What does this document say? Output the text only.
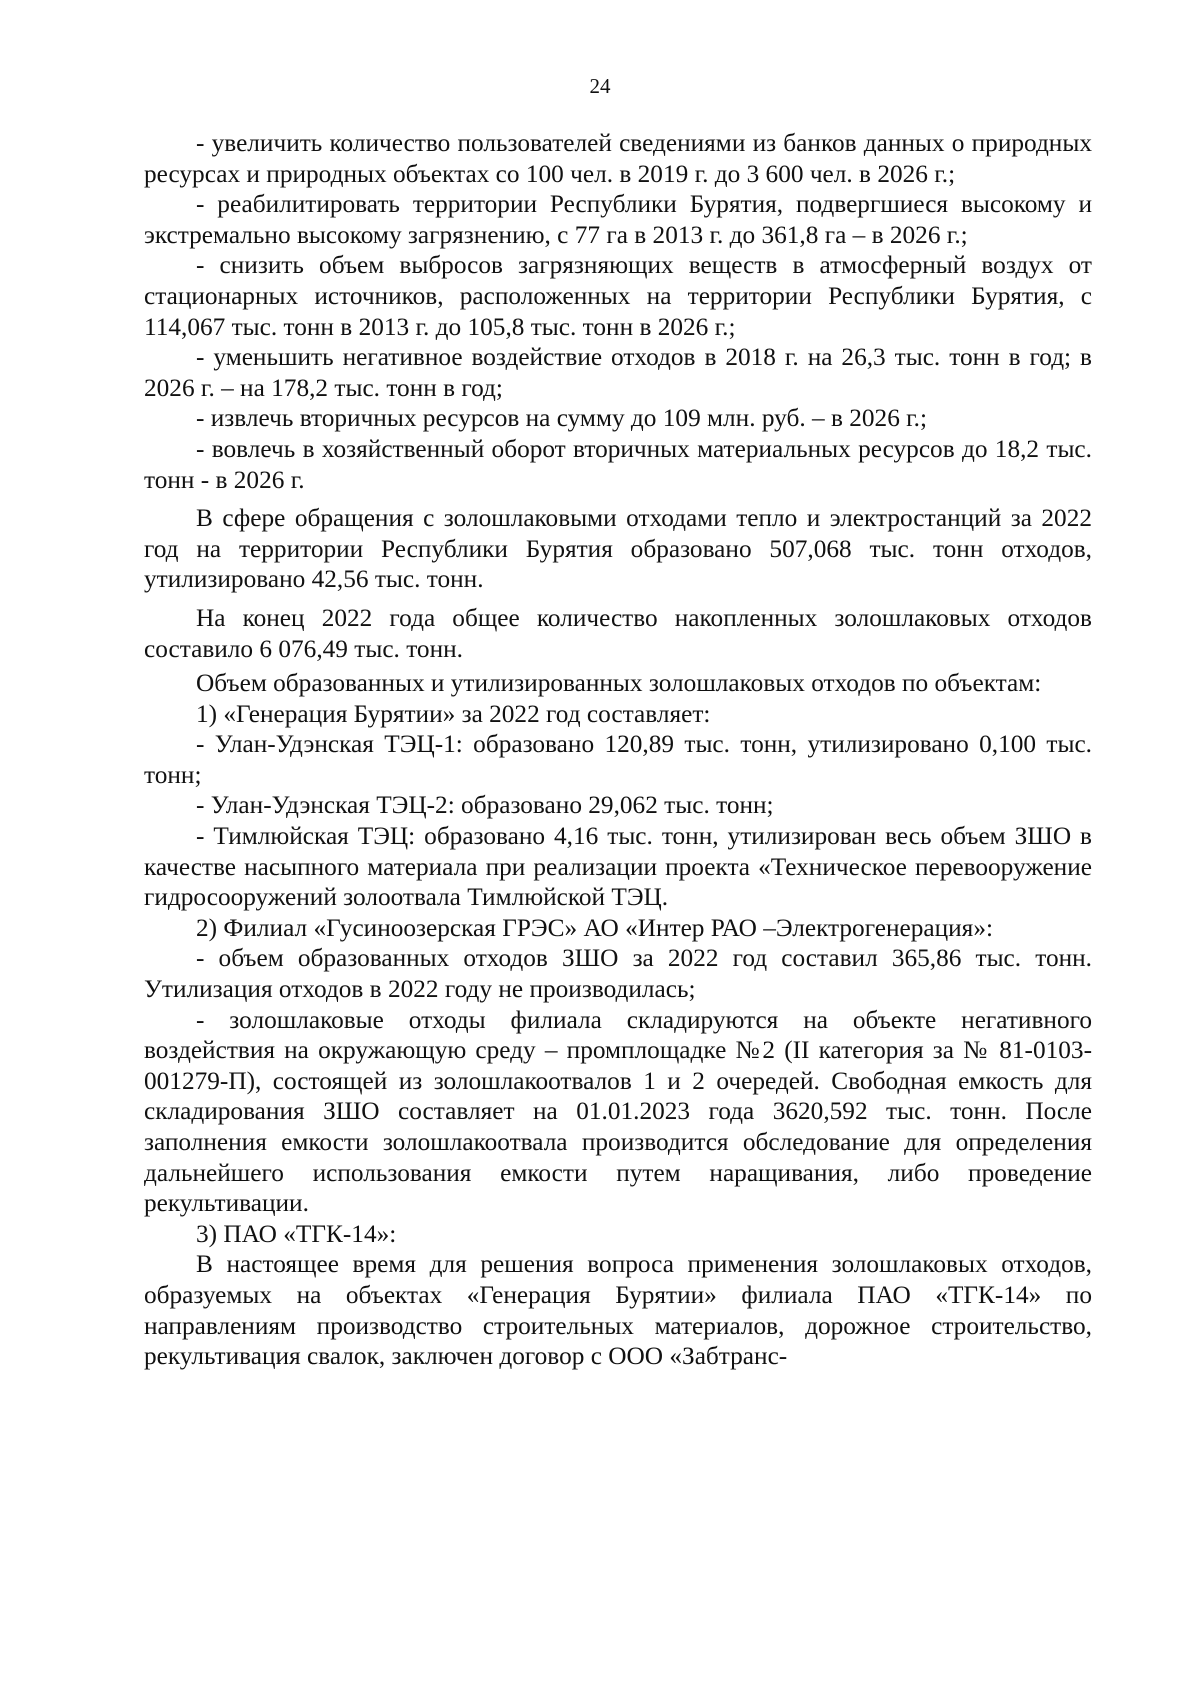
24

- увеличить количество пользователей сведениями из банков данных о природных ресурсах и природных объектах со 100 чел. в 2019 г. до 3 600 чел. в 2026 г.;

- реабилитировать территории Республики Бурятия, подвергшиеся высокому и экстремально высокому загрязнению, с 77 га в 2013 г. до 361,8 га – в 2026 г.;

- снизить объем выбросов загрязняющих веществ в атмосферный воздух от стационарных источников, расположенных на территории Республики Бурятия, с 114,067 тыс. тонн в 2013 г. до 105,8 тыс. тонн в 2026 г.;

- уменьшить негативное воздействие отходов в 2018 г. на 26,3 тыс. тонн в год; в 2026 г. – на 178,2 тыс. тонн в год;

- извлечь вторичных ресурсов на сумму до 109 млн. руб. – в 2026 г.;

- вовлечь в хозяйственный оборот вторичных материальных ресурсов до 18,2 тыс. тонн - в 2026 г.

В сфере обращения с золошлаковыми отходами тепло и электростанций за 2022 год на территории Республики Бурятия образовано 507,068 тыс. тонн отходов, утилизировано 42,56 тыс. тонн.

На конец 2022 года общее количество накопленных золошлаковых отходов составило 6 076,49 тыс. тонн.

Объем образованных и утилизированных золошлаковых отходов по объектам:

1) «Генерация Бурятии» за 2022 год составляет:

- Улан-Удэнская ТЭЦ-1: образовано 120,89 тыс. тонн, утилизировано 0,100 тыс. тонн;

- Улан-Удэнская ТЭЦ-2: образовано 29,062 тыс. тонн;

- Тимлюйская ТЭЦ: образовано 4,16 тыс. тонн, утилизирован весь объем ЗШО в качестве насыпного материала при реализации проекта «Техническое перевооружение гидросооружений золоотвала Тимлюйской ТЭЦ.

2) Филиал «Гусиноозерская ГРЭС» АО «Интер РАО –Электрогенерация»:

- объем образованных отходов ЗШО за 2022 год составил 365,86 тыс. тонн. Утилизация отходов в 2022 году не производилась;

- золошлаковые отходы филиала складируются на объекте негативного воздействия на окружающую среду – промплощадке №2 (II категория за № 81-0103-001279-П), состоящей из золошлакоотвалов 1 и 2 очередей. Свободная емкость для складирования ЗШО составляет на 01.01.2023 года 3620,592 тыс. тонн. После заполнения емкости золошлакоотвала производится обследование для определения дальнейшего использования емкости путем наращивания, либо проведение рекультивации.

3) ПАО «ТГК-14»:

В настоящее время для решения вопроса применения золошлаковых отходов, образуемых на объектах «Генерация Бурятии» филиала ПАО «ТГК-14» по направлениям производство строительных материалов, дорожное строительство, рекультивация свалок, заключен договор с ООО «Забтранс-
